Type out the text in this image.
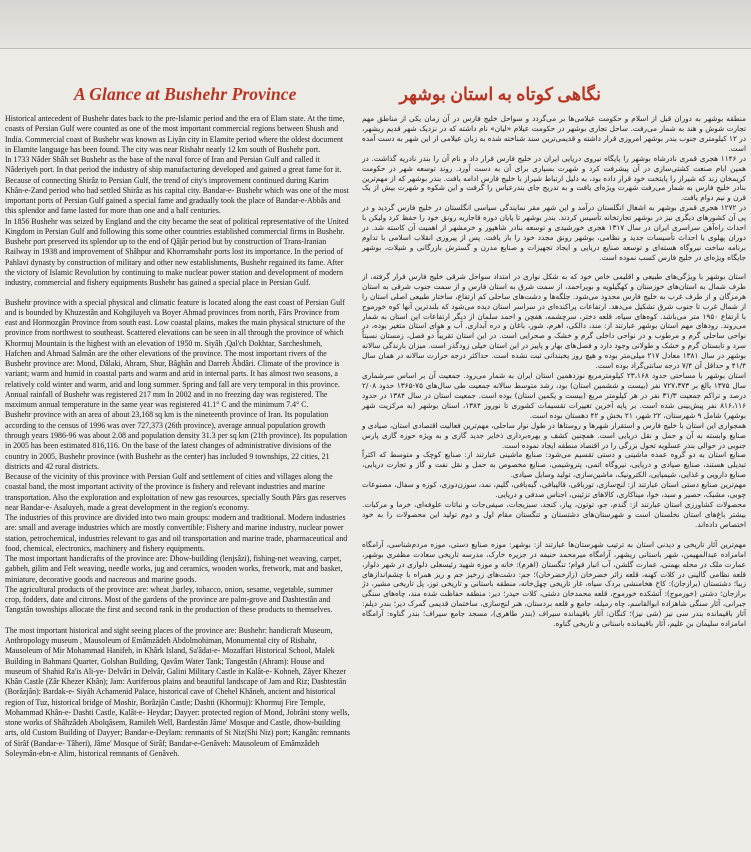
A Glance at Bushehr Province	نگاهی کوتاه به استان بوشهر

Historical antecedent of Bushehr dates back to the pre-Islamic period and the era of Elam state. At the time, coasts of Persian Gulf were counted as one of the most important commercial regions between Shush and India. Commercial coast of Bushehr was known as Liyân city in Elamite period where the oldest document in Elamite language has been found. The city was near Rishahr nearly 12 km south of Bushehr port.

In 1733 Nâder Shâh set Bushehr as the base of the naval force of Iran and Persian Gulf and called it Nâderiyeh port. In that period the industry of ship manufacturing developed and gained a great fame for it. Because of connecting Shirâz to Persian Gulf, the trend of city's improvement continued during Karim Khân-e-Zand period who had settled Shirâz as his capital city. Bandar-e- Bushehr which was one of the most important ports of Persian Gulf gained a special fame and gradually took the place of Bandar-e-Abbâs and this splendor and fame lasted for more than one and a half centuries.

In 1856 Bushehr was seized by England and the city became the seat of political representative of the United Kingdom in Persian Gulf and following this some other countries established commercial firms in Bushehr. Bushehr port preserved its splendor up to the end of Qâjâr period but by construction of Trans-Iranian Railway in 1938 and improvement of Shâhpur and Khorramshahr ports lost its importance. In the period of Pahlavi dynasty by construction of military and other new establishments, Bushehr regained its fame. After the victory of Islamic Revolution by continuing to make nuclear power station and development of modern industry, commercial and fishery equipments Bushehr has gained a special place in Persian Gulf.

Bushehr province with a special physical and climatic feature is located along the east coast of Persian Gulf and is bounded by Khuzestân and Kohgiluyeh va Boyer Ahmad provinces from north, Fârs Province from east and Hormozgân Province from south east. Low coastal plains, makes the main physical structure of the province from northwest to southeast. Scattered elevations can be seen in all through the province of which Khormuj Mountain is the highest with an elevation of 1950 m. Siyâh ,Qal'ch Dokhtar, Sarcheshmeh, Hafchen and Ahmad Salmân are the other elevations of the province. The most important rivers of the Bushehr province are: Mond, Dâlaki, Ahram, Shur, Bâghân and Darreh Âbdâri. Climate of the province is variant; warm and humid in coastal parts and warm and arid in internal parts. It has almost two seasons, a relatively cold winter and warm, arid and long summer. Spring and fall are very temporal in this province. Annual rainfall of Bushehr was registered 217 mm In 2002 and in no freezing day was registered. The maximum annual temperature in the same year was registered 41.1° C and the minimum 7.4° C.

Bushehr province with an area of about 23,168 sq km is the nineteenth province of Iran. Its population according to the census of 1996 was over 727,373 (26th province), average annual population growth through years 1986-96 was about 2.08 and population density 31.3 per sq km (21th province). Its population in 2005 has been estimated 816,116. On the base of the latest changes of administrative divisions of the country in 2005, Bushehr province (with Bushehr as the center) has included 9 townships, 22 cities, 21 districts and 42 rural districts.

Because of the vicinity of this province with Persian Gulf and settlement of cities and villages along the coastal band, the most important activity of the province is fishery and relevant industries and marine transportation. Also the exploration and exploitation of new gas resources, specially South Pârs gas reserves near Bandar-e- Asaluyeh, made a great development in the region's economy.

The industries of this province are divided into two main groups: modern and traditional. Modern industries are: small and average industries which are mostly convertible: Fishery and marine industry, nuclear power station, petrochemical, industries relevant to gas and oil transportation and marine trade, pharmaceutical and food, chemical, electronics, machinery and fishery equipments.

The most important handicrafts of the province are: Dhow-building (lenjsâzi), fishing-net weaving, carpet, gabbeh, gilim and Felt weaving, needle works, jug and ceramics, wooden works, fretwork, mat and basket, miniature, decorative goods and nacreous and marine goods.

The agricultural products of the province are: wheat ,barley, tobacco, onion, sesame, vegetable, summer crop, fodders, date and citrons. Most of the gardens of the province are palm-grove and Dashtestân and Tangstân townships allocate the first and second rank in the production of these products to themselves.

The most important historical and sight seeing places of the province are: Bushehr: handicraft Museum, Anthropology museum , Mausoleum of Emâmzâdeh Abdolmohiman, Monumental city of Rishahr, Mausoleum of Mir Mohammad Hanifeh, in Khârk Island, Sa'âdat-e- Mozaffari Historical School, Malek Building in Bahmani Quarter, Golshan Building, Qavâm Water Tank; Tangestân (Ahram): House and museum of Shahid Ra'is Ali-ye- Delvâri in Delvâr, Galini Military Castle in Kalât-e- Kohneh, Zâyer Khezer Khân Castle (Zâr Khezer Khân); Jam: Auriferous plains and beautiful landscape of Jam and Riz; Dashtestân (Borâzjân): Bardak-e- Siyâh Achamenid Palace, historical cave of Chehel Khâneh, ancient and historical region of Tuz, historical bridge of Moshir, Borâzjân Castle; Dashti (Khormuj): Khormuj Fire Temple, Mohammad Khân-e- Dashti Castle, Kalât-e- Heydar; Dayyer: protected region of Mond, Jobrâni stony wells, stone works of Shâhzâdeh Abolqâsem, Ramileh Well, Bardestân Jâme' Mosque and Castle, dhow-building arts, old Custom Building of Dayyer; Bandar-e-Deylam: remnants of Si Niz(Shi Niz) port; Kangân: remnants of Sirâf (Bandar-e- Tâheri), Jâme' Mosque of Sirâf; Bandar-e-Genâveh: Mausoleum of Emâmzâdeh Soleymân-ebn-e Alim, historical remnants of Genâveh.

منطقه بوشهر به دوران قبل از اسلام و حکومت عیلامی‌ها بر می‌گردد و سواحل خلیج فارس در آن زمان یکی از مناطق مهم تجارت شوش و هند به شمار می‌رفت. ساحل تجاری بوشهر در حکومت عیلام «لیان» نام داشته که در نزدیک شهر قدیم ریشهر، در ۱۲ کیلومتری جنوب بندر بوشهر امروزی قرار داشته و قدیمی‌ترین سند شناخته شده به زبان عیلامی از این شهر به دست آمده است.

در ۱۱۴۶ هجری قمری نادرشاه بوشهر را پایگاه نیروی دریایی ایران در خلیج فارس قرار داد و نام آن را بندر نادریه گذاشت. در همین ایام صنعت کشتی‌سازی در آن پیشرفت کرد و شهرت بسیاری برای آن به دست آورد. روند توسعه شهر در حکومت کریمخان زند که شیراز را پایتخت خود قرار داده بود، به دلیل ارتباط شیراز با خلیج فارس ادامه یافت. بندر بوشهر که از مهم‌ترین بنادر خلیج فارس به شمار می‌رفت شهرت ویژه‌ای یافت و به تدریج جای بندرعباس را گرفت و این شکوه و شهرت بیش از یک قرن و نیم دوام یافت.

در ۱۲۷۲ هجری قمری بوشهر به اشغال انگلستان درآمد و این شهر مقر نمایندگی سیاسی انگلستان در خلیج فارس گردید و در پی آن کشورهای دیگری نیز در بوشهر تجارتخانه تأسیس کردند. بندر بوشهر تا پایان دوره قاجاریه رونق خود را حفظ کرد ولیکن با احداث راه‌آهن سراسری ایران در سال ۱۳۱۷ هجری خورشیدی و توسعه بنادر شاهپور و خرمشهر از اهمیت آن کاسته شد. در دوران پهلوی با احداث تأسیسات جدید و نظامی، بوشهر رونق مجدد خود را باز یافت. پس از پیروزی انقلاب اسلامی با تداوم برنامه ساخت نیروگاه هسته‌ای و توسعه صنایع دریایی و ایجاد تجهیزات و صنایع مدرن و گسترش بازرگانی و شیلات، بوشهر جایگاه ویژه‌ای در خلیج فارس کسب نموده است.

استان بوشهر با ویژگی‌های طبیعی و اقلیمی خاص خود که به شکل نواری در امتداد سواحل شرقی خلیج فارس قرار گرفته، از طرف شمال به استان‌های خوزستان و کهگیلویه و بویراحمد، از سمت شرق به استان فارس و از سمت جنوب شرقی به استان هرمزگان و از طرف غرب به خلیج فارس محدود می‌شود. جلگه‌ها و دشت‌های ساحلی کم ارتفاع، ساختار طبیعی اصلی استان را از شمال غرب تا جنوب شرق تشکیل می‌دهد. ارتفاعات پراکنده‌ای در سراسر استان دیده می‌شود که بلندترین آنها کوه خورموج با ارتفاع ۱۹۵۰ متر می‌باشد. کوه‌های سیاه، قلعه دختر، سرچشمه، هفچن و احمد سلمان از دیگر ارتفاعات این استان به شمار می‌روند. رودهای مهم استان بوشهر عبارتند از: مند، دالکی، اهرم، شور، باغان و دره آبداری. آب و هوای استان متغیر بوده، در نواحی ساحلی گرم و مرطوب و در نواحی داخلی گرم و خشک و صحرایی است. در این استان تقریباً دو فصل، زمستان نسبتاً سرد و تابستان گرم و خشک و طولانی وجود دارد و فصل‌های بهار و پاییز در این استان خیلی زودگذر است. میزان بارندگی سالانه بوشهر در سال ۱۳۸۱ معادل ۲۱۷ میلی‌متر بوده و هیچ روز یخبندانی ثبت نشده است. حداکثر درجه حرارت سالانه در همان سال ۴۱/۴ و حداقل آن ۷/۴ درجه سانتی‌گراد بوده است.

استان بوشهر با مساحتی حدود ۲۳،۱۶۸ کیلومترمربع نوزدهمین استان ایران به شمار می‌رود. جمعیت آن بر اساس سرشماری سال ۱۳۷۵ بالغ بر ۷۲۷،۳۷۳ نفر (بیست و ششمین استان) بود، رشد متوسط سالانه جمعیت طی سال‌های ۷۵-۱۳۶۵ حدود ۲/۰۸ درصد و تراکم جمعیت ۳۱/۳ نفر در هر کیلومتر مربع (بیست و یکمین استان) بوده است. جمعیت استان در سال ۱۳۸۴ در حدود ۸۱۶،۱۱۶ نفر پیش‌بینی شده است. بر پایه آخرین تغییرات تقسیمات کشوری تا نوروز ۱۳۸۴، استان بوشهر (به مرکزیت شهر بوشهر) شامل ۹ شهرستان، ۲۲ شهر، ۲۱ بخش و ۴۲ دهستان بوده است.

همجواری این استان با خلیج فارس و استقرار شهرها و روستاها در طول نوار ساحلی، مهم‌ترین فعالیت اقتصادی استان، صیادی و صنایع وابسته به آن و حمل و نقل دریایی است. همچنین کشف و بهره‌برداری ذخایر جدید گازی و به ویژه حوزه گازی پارس جنوبی در حوالی بندر عسلویه تحول بزرگی را در اقتصاد منطقه ایجاد نموده است.

صنایع استان به دو گروه عمده ماشینی و دستی تقسیم می‌شود: صنایع ماشینی عبارتند از: صنایع کوچک و متوسط که اکثراً تبدیلی هستند، صنایع صیادی و دریایی، نیروگاه اتمی، پتروشیمی، صنایع مخصوص به حمل و نقل نفت و گاز و تجارت دریایی، صنایع دارویی و غذایی، شیمیایی، الکترونیک، ماشین‌سازی، تولید وسایل صیادی.

مهم‌ترین صنایع دستی استان عبارتند از: لنج‌سازی، تورباقی، قالیبافی، گبه‌بافی، گلیم، نمد، سوزن‌دوزی، کوزه و سفال، مصنوعات چوبی، مشبک، حصیر و سبد، خوا، میناکاری، کالاهای تزئینی، اجناس صدفی و دریایی.

محصولات کشاورزی استان عبارتند از: گندم، جو، توتون، پیاز، کنجد، سبزیجات، صیفی‌جات و نباتات علوفه‌ای، خرما و مرکبات. بیشتر باغ‌های استان نخلستان است و شهرستان‌های دشتستان و تنگستان مقام اول و دوم تولید این محصولات را به خود اختصاص داده‌اند.

مهم‌ترین آثار تاریخی و دیدنی استان به ترتیب شهرستان‌ها عبارتند از: بوشهر: موزه صنایع دستی، موزه مردم‌شناسی، آرامگاه امامزاده عبدالمهیمن، شهر باستانی ریشهر، آرامگاه میرمحمد حنیفه در جزیره خارک، مدرسه تاریخی سعادت مظفری بوشهر، عمارت ملک در محله بهمنی، عمارت گلشن، آب انبار قوام؛ تنگستان (اهرم): خانه و موزه شهید رئیسعلی دلواری در شهر دلوار، قلعه نظامی گالینی در کلات کهنه، قلعه زائر خضرخان (زارخضرخان)؛ جم: دشت‌های زرخیز جم و ریز همراه با چشم‌اندازهای زیبا؛ دشتستان (برازجان): کاخ هخامنشی بردک سیاه، غار تاریخی چهل‌خانه، منطقه باستانی و تاریخی توز، پل تاریخی مشیر، دژ برازجان؛ دشتی (خورموج): آتشکده خورموج، قلعه محمدخان دشتی، کلات حیدر؛ دیر: منطقه حفاظت شده مند، چاه‌های سنگی جبرانی، آثار سنگی شاهزاده ابوالقاسم، چاه رمیله، جامع و قلعه بردستان، هنر لنج‌سازی، ساختمان قدیمی گمرک دیر؛ بندر دیلم: آثار باقیمانده بندر سی نیز (شی نیز)؛ کنگان: آثار باقیمانده سیراف (بندر طاهری)، مسجد جامع سیراف؛ بندر گناوه: آرامگاه امامزاده سلیمان بن علیم، آثار باقیمانده باستانی و تاریخی گناوه.
